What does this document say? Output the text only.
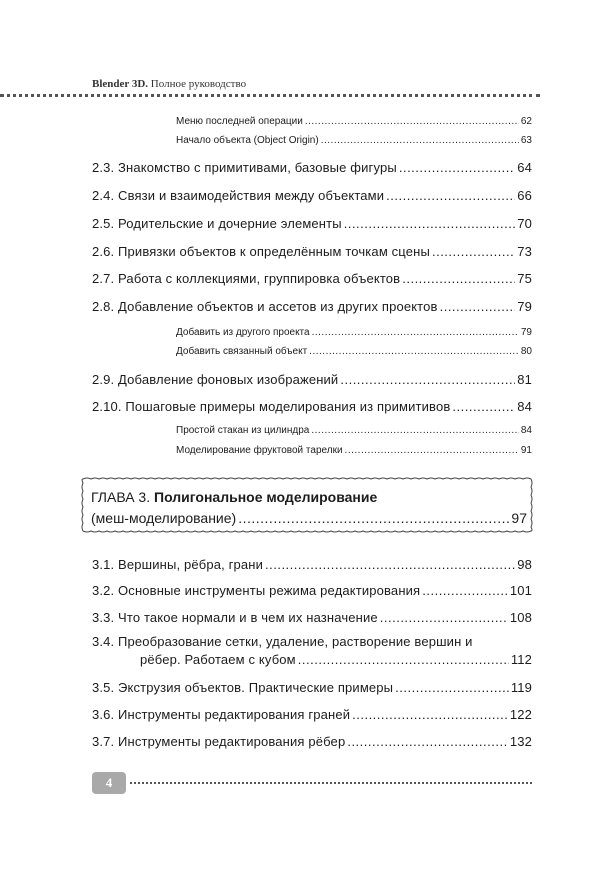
Blender 3D. Полное руководство
Меню последней операции .....	62
Начало объекта (Object Origin) .....	63
2.3. Знакомство с примитивами, базовые фигуры .....	64
2.4. Связи и взаимодействия между объектами .....	66
2.5. Родительские и дочерние элементы .....	70
2.6. Привязки объектов к определённым точкам сцены .....	73
2.7. Работа с коллекциями, группировка объектов .....	75
2.8. Добавление объектов и ассетов из других проектов .....	79
Добавить из другого проекта .....	79
Добавить связанный объект .....	80
2.9. Добавление фоновых изображений .....	81
2.10. Пошаговые примеры моделирования из примитивов .....	84
Простой стакан из цилиндра .....	84
Моделирование фруктовой тарелки .....	91
ГЛАВА 3. Полигональное моделирование
(меш-моделирование) .....	97
3.1. Вершины, рёбра, грани .....	98
3.2. Основные инструменты режима редактирования .....	101
3.3. Что такое нормали и в чем их назначение .....	108
3.4. Преобразование сетки, удаление, растворение вершин и
рёбер. Работаем с кубом .....	112
3.5. Экструзия объектов. Практические примеры .....	119
3.6. Инструменты редактирования граней .....	122
3.7. Инструменты редактирования рёбер .....	132
4
